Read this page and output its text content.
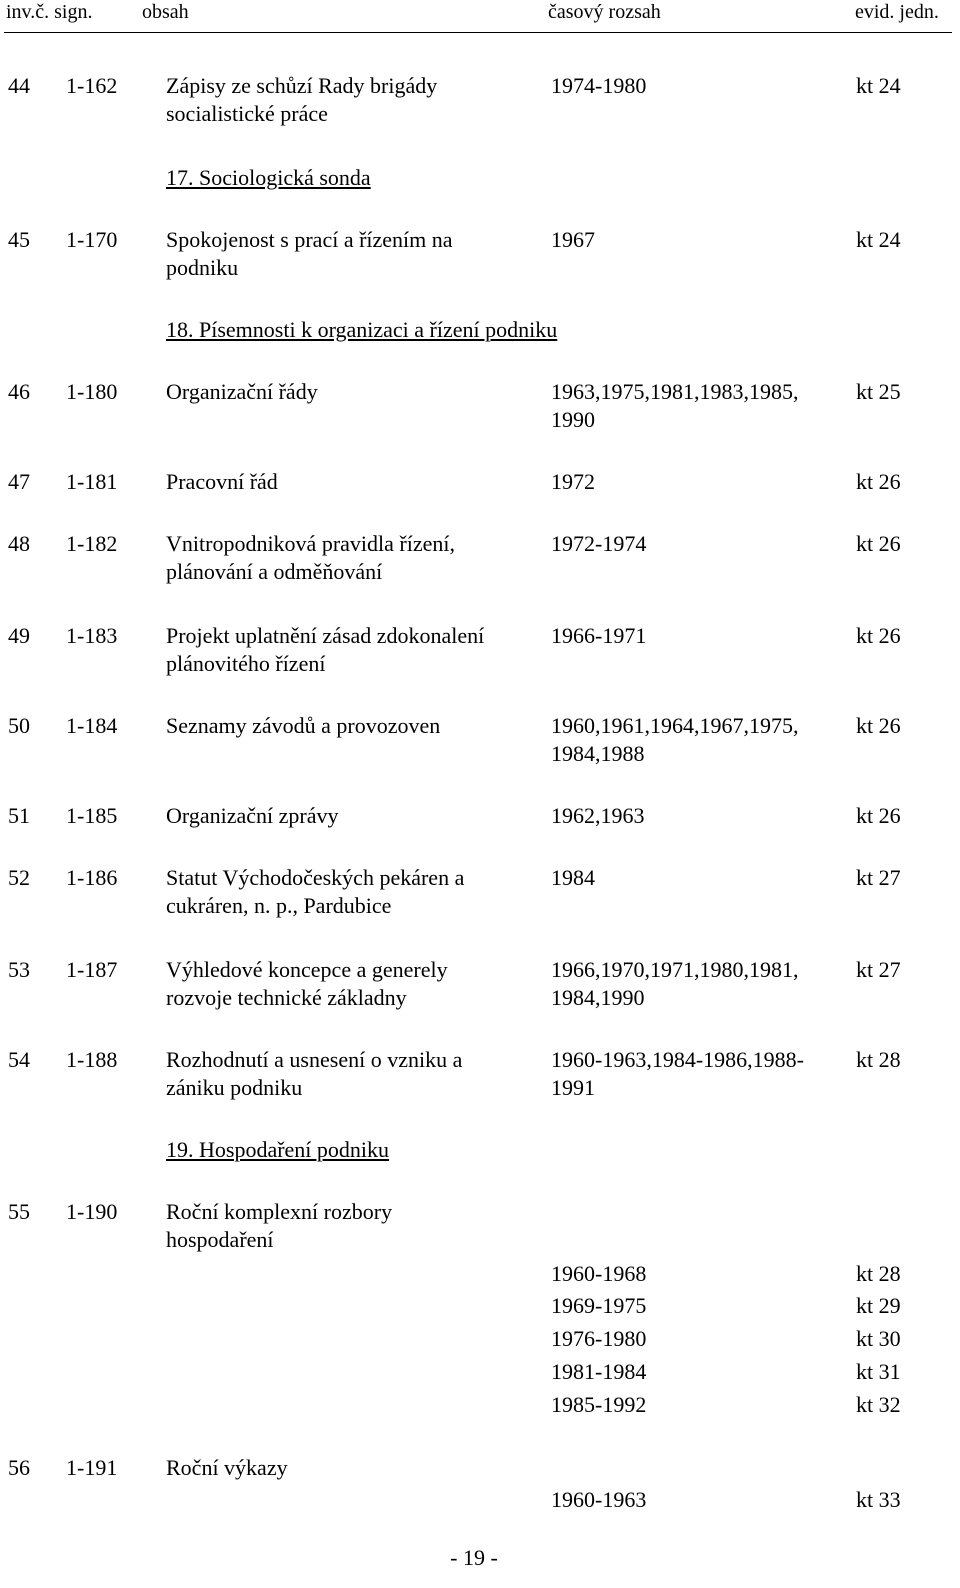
inv.č. sign. obsah	časový rozsah	evid. jedn.
44 1-162 Zápisy ze schůzí Rady brigády
socialistické práce
1974-1980	kt 24
17. Sociologická sonda
45 1-170 Spokojenost s prací a řízením na
podniku
1967	kt 24
18. Písemnosti k organizaci a řízení podniku
46 1-180 Organizační řády	1963,1975,1981,1983,1985,
1990
kt 25
47 1-181 Pracovní řád	1972	kt 26
48 1-182 Vnitropodniková pravidla řízení,
plánování a odměňování
1972-1974	kt 26
49 1-183 Projekt uplatnění zásad zdokonalení
plánovitého řízení
1966-1971	kt 26
50 1-184 Seznamy závodů a provozoven	1960,1961,1964,1967,1975,
1984,1988
kt 26
51 1-185 Organizační zprávy	1962,1963	kt 26
52 1-186 Statut Východočeských pekáren a
cukráren, n. p., Pardubice
1984	kt 27
53 1-187 Výhledové koncepce a generely
rozvoje technické základny
1966,1970,1971,1980,1981,
1984,1990
kt 27
54 1-188 Rozhodnutí a usnesení o vzniku a
zániku podniku
1960-1963,1984-1986,1988-
1991
kt 28
19. Hospodaření podniku
55 1-190 Roční komplexní rozbory
hospodaření
1960-1968	kt 28
1969-1975	kt 29
1976-1980	kt 30
1981-1984	kt 31
1985-1992	kt 32
56 1-191 Roční výkazy
1960-1963	kt 33
- 19 -
